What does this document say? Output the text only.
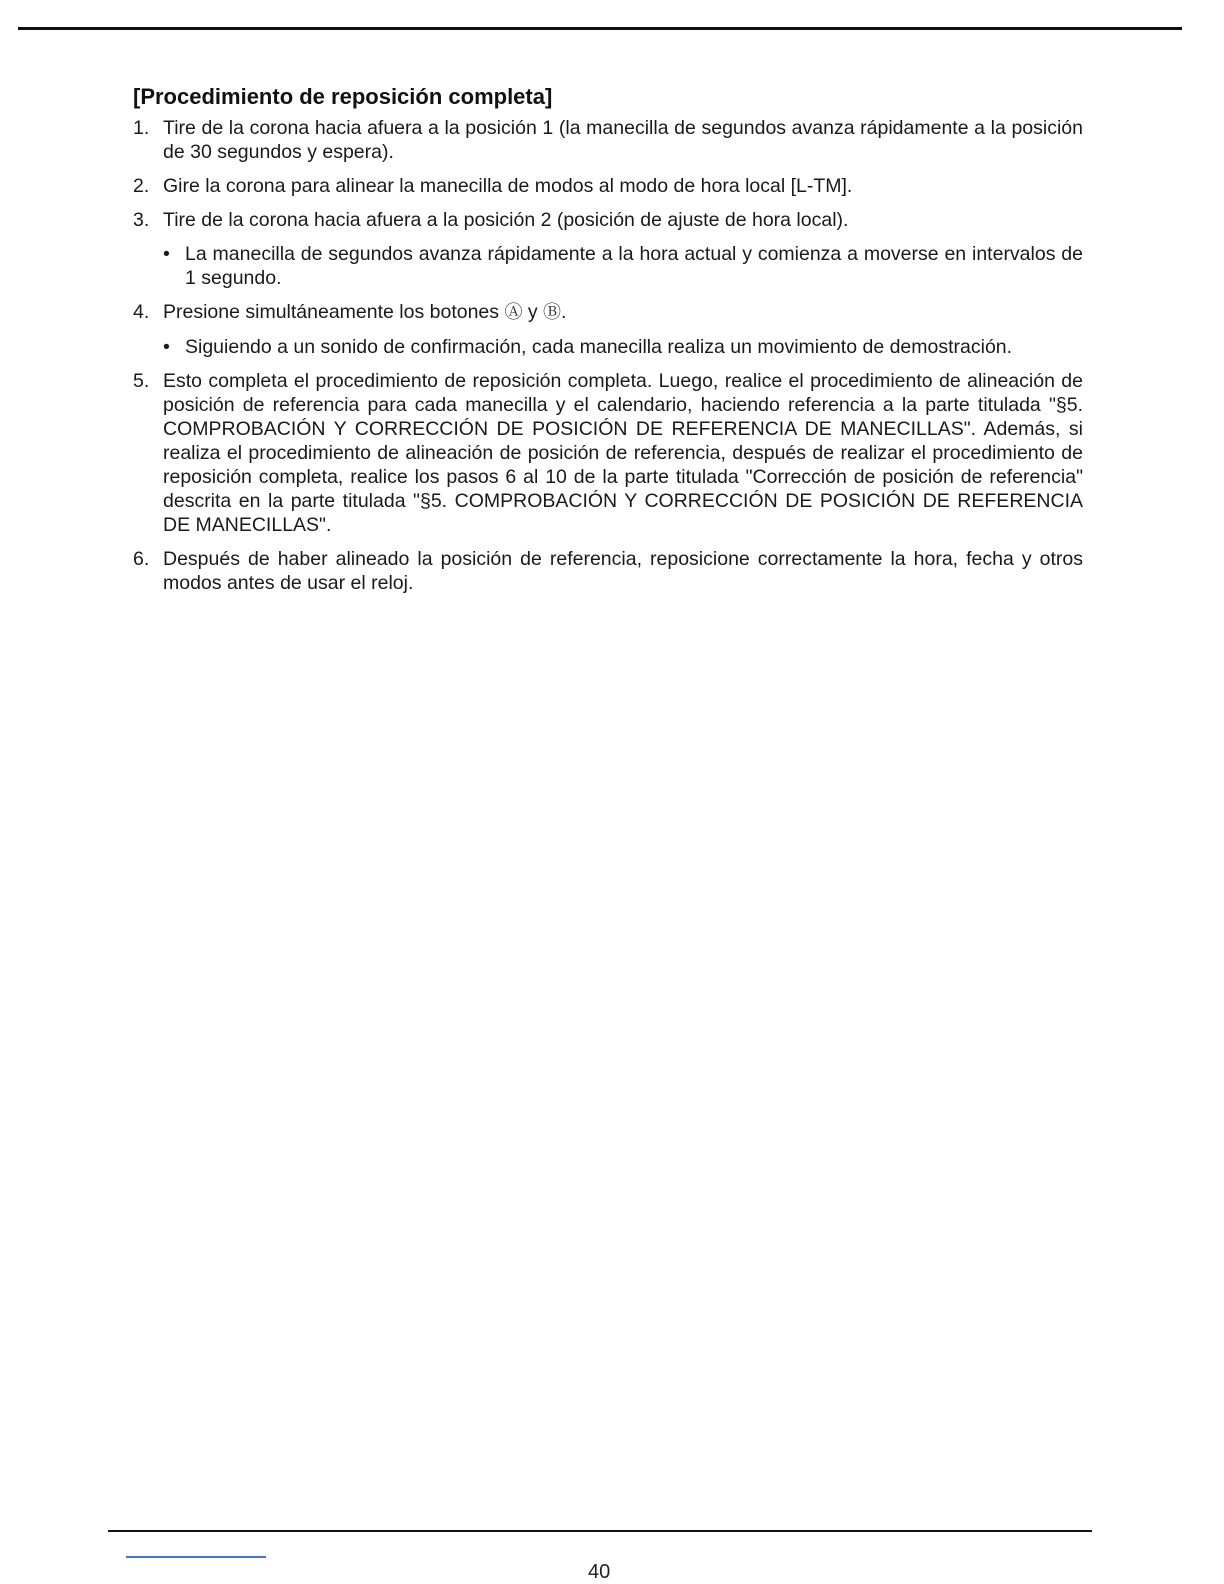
[Procedimiento de reposición completa]
1. Tire de la corona hacia afuera a la posición 1 (la manecilla de segundos avanza rápidamente a la posición de 30 segundos y espera).
2. Gire la corona para alinear la manecilla de modos al modo de hora local [L-TM].
3. Tire de la corona hacia afuera a la posición 2 (posición de ajuste de hora local).
• La manecilla de segundos avanza rápidamente a la hora actual y comienza a moverse en intervalos de 1 segundo.
4. Presione simultáneamente los botones Ⓐ y Ⓑ.
• Siguiendo a un sonido de confirmación, cada manecilla realiza un movimiento de demostración.
5. Esto completa el procedimiento de reposición completa. Luego, realice el procedimiento de alineación de posición de referencia para cada manecilla y el calendario, haciendo referencia a la parte titulada "§5. COMPROBACIÓN Y CORRECCIÓN DE POSICIÓN DE REFERENCIA DE MANECILLAS". Además, si realiza el procedimiento de alineación de posición de referencia, después de realizar el procedimiento de reposición completa, realice los pasos 6 al 10 de la parte titulada "Corrección de posición de referencia" descrita en la parte titulada "§5. COMPROBACIÓN Y CORRECCIÓN DE POSICIÓN DE REFERENCIA DE MANECILLAS".
6. Después de haber alineado la posición de referencia, reposicione correctamente la hora, fecha y otros modos antes de usar el reloj.
40
